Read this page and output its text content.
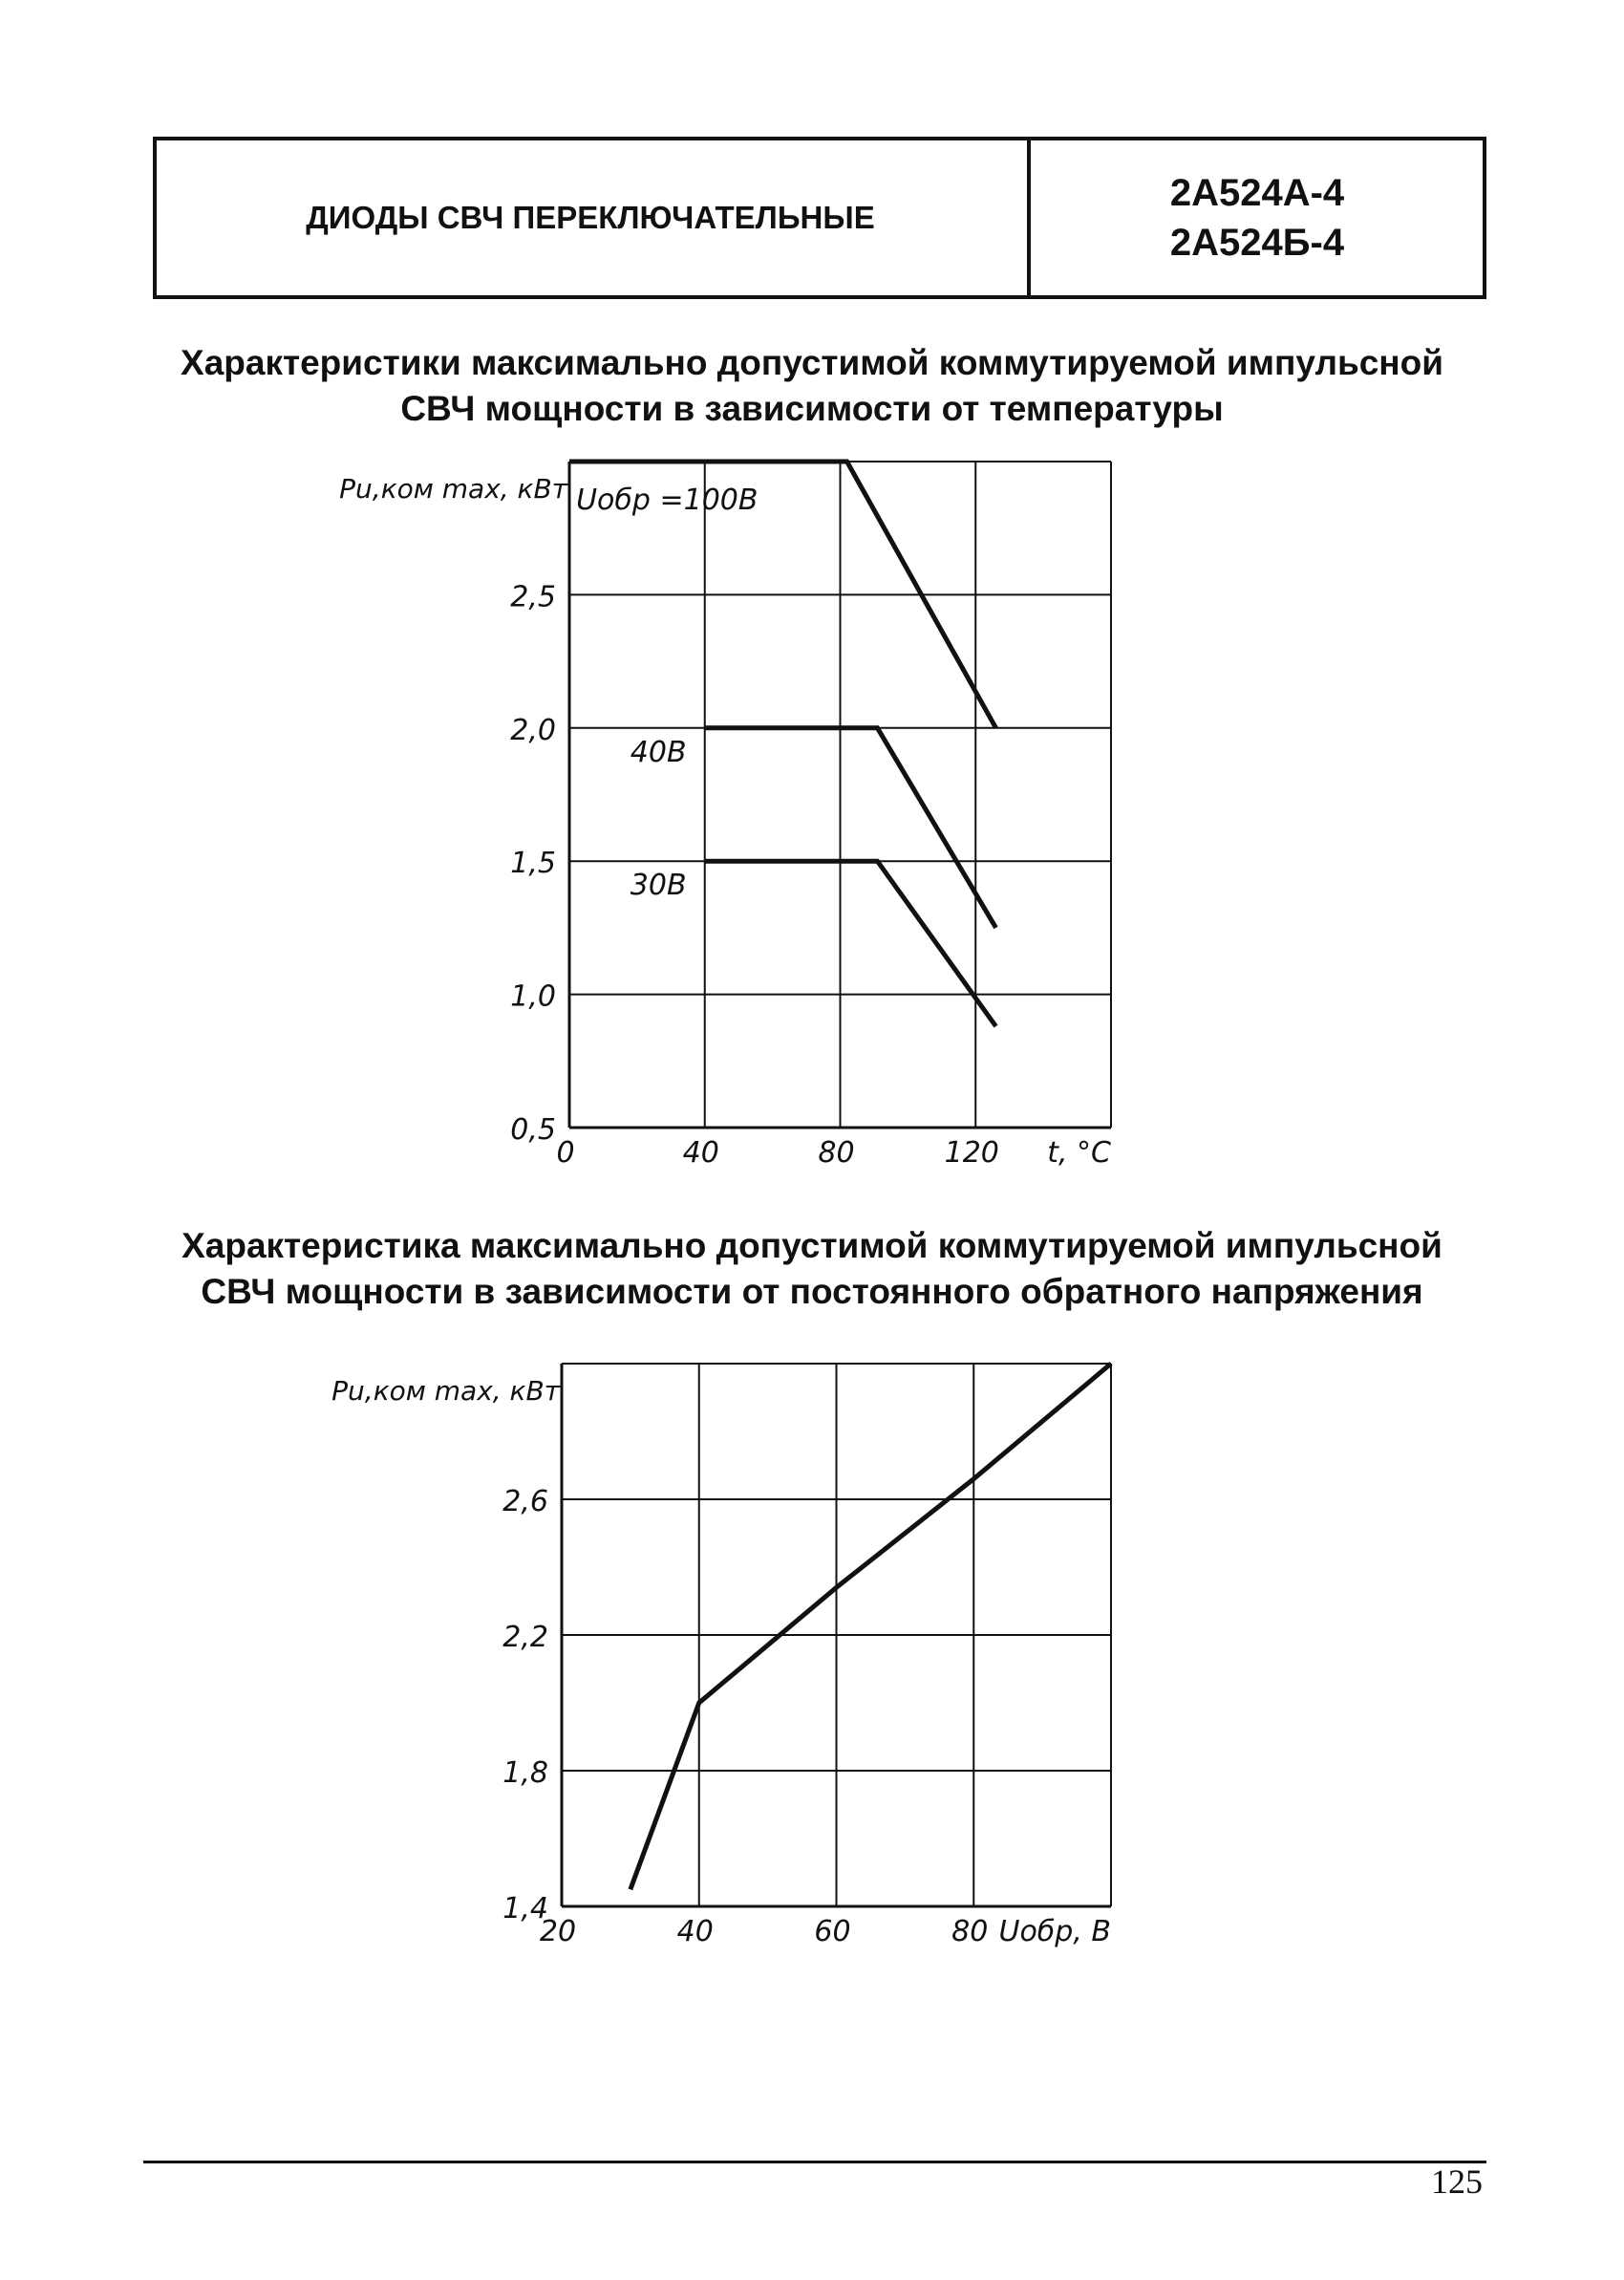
ДИОДЫ СВЧ ПЕРЕКЛЮЧАТЕЛЬНЫЕ
2А524А-4
2А524Б-4
Характеристики максимально допустимой коммутируемой импульсной
СВЧ мощности в зависимости от температуры
Характеристика максимально допустимой коммутируемой импульсной
СВЧ мощности в зависимости от постоянного обратного напряжения
0,5
1,0
1,5
2,0
2,5
0	40	80	120
Pu,ком max, кВт
t, °C
Uобр =100В
40В
30В
1,4
1,8
2,2
2,6
20	40	60	80
Pu,ком max, кВт
Uобр, В
125
